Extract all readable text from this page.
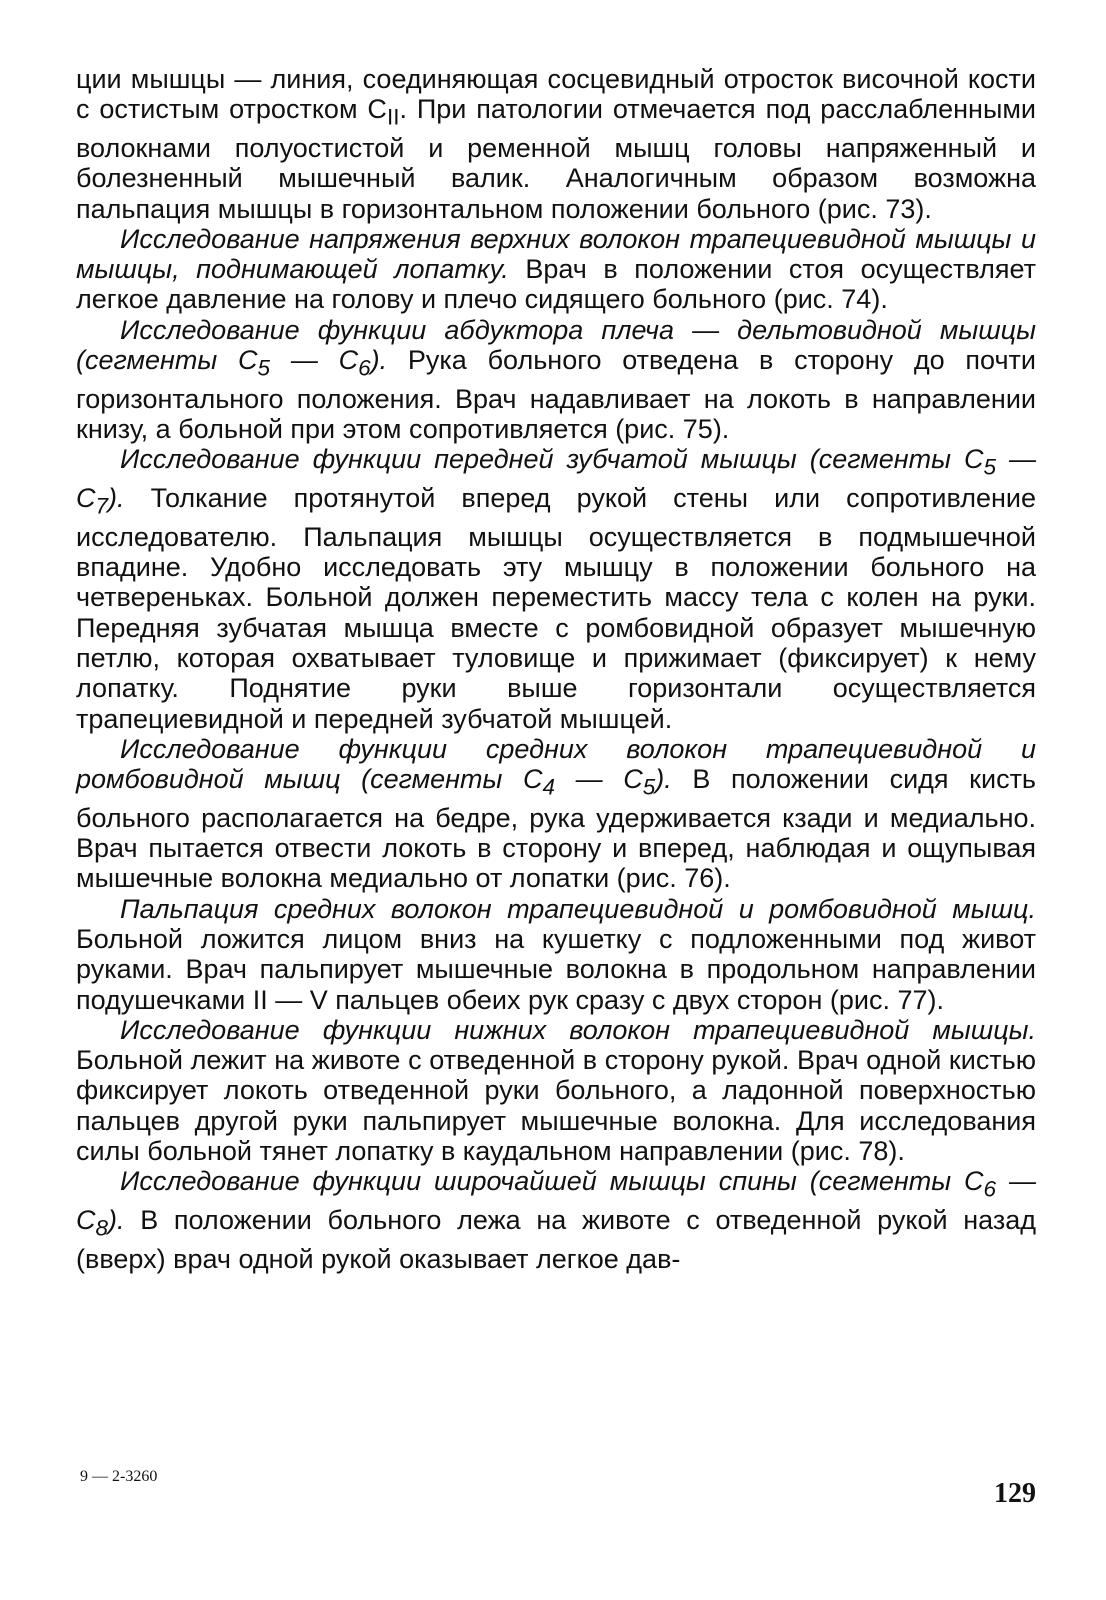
ции мышцы — линия, соединяющая сосцевидный отросток височной кости с остистым отростком $C_{II}$. При патологии отмечается под расслабленными волокнами полуостистой и ременной мышц головы напряженный и болезненный мышечный валик. Аналогичным образом возможна пальпация мышцы в горизонтальном положении больного (рис. 73).

Исследование напряжения верхних волокон трапециевидной мышцы и мышцы, поднимающей лопатку. Врач в положении стоя осуществляет легкое давление на голову и плечо сидящего больного (рис. 74).

Исследование функции абдуктора плеча — дельтовидной мышцы (сегменты $C_5$ — $C_6$). Рука больного отведена в сторону до почти горизонтального положения. Врач надавливает на локоть в направлении книзу, а больной при этом сопротивляется (рис. 75).

Исследование функции передней зубчатой мышцы (сегменты $C_5$ — $C_7$). Толкание протянутой вперед рукой стены или сопротивление исследователю. Пальпация мышцы осуществляется в подмышечной впадине. Удобно исследовать эту мышцу в положении больного на четвереньках. Больной должен переместить массу тела с колен на руки. Передняя зубчатая мышца вместе с ромбовидной образует мышечную петлю, которая охватывает туловище и прижимает (фиксирует) к нему лопатку. Поднятие руки выше горизонтали осуществляется трапециевидной и передней зубчатой мышцей.

Исследование функции средних волокон трапециевидной и ромбовидной мышц (сегменты $C_4$ — $C_5$). В положении сидя кисть больного располагается на бедре, рука удерживается кзади и медиально. Врач пытается отвести локоть в сторону и вперед, наблюдая и ощупывая мышечные волокна медиально от лопатки (рис. 76).

Пальпация средних волокон трапециевидной и ромбовидной мышц. Больной ложится лицом вниз на кушетку с подложенными под живот руками. Врач пальпирует мышечные волокна в продольном направлении подушечками II — V пальцев обеих рук сразу с двух сторон (рис. 77).

Исследование функции нижних волокон трапециевидной мышцы. Больной лежит на животе с отведенной в сторону рукой. Врач одной кистью фиксирует локоть отведенной руки больного, а ладонной поверхностью пальцев другой руки пальпирует мышечные волокна. Для исследования силы больной тянет лопатку в каудальном направлении (рис. 78).

Исследование функции широчайшей мышцы спины (сегменты $C_6$ — $C_8$). В положении больного лежа на животе с отведенной рукой назад (вверх) врач одной рукой оказывает легкое дав-

9 — 2-3260
129
